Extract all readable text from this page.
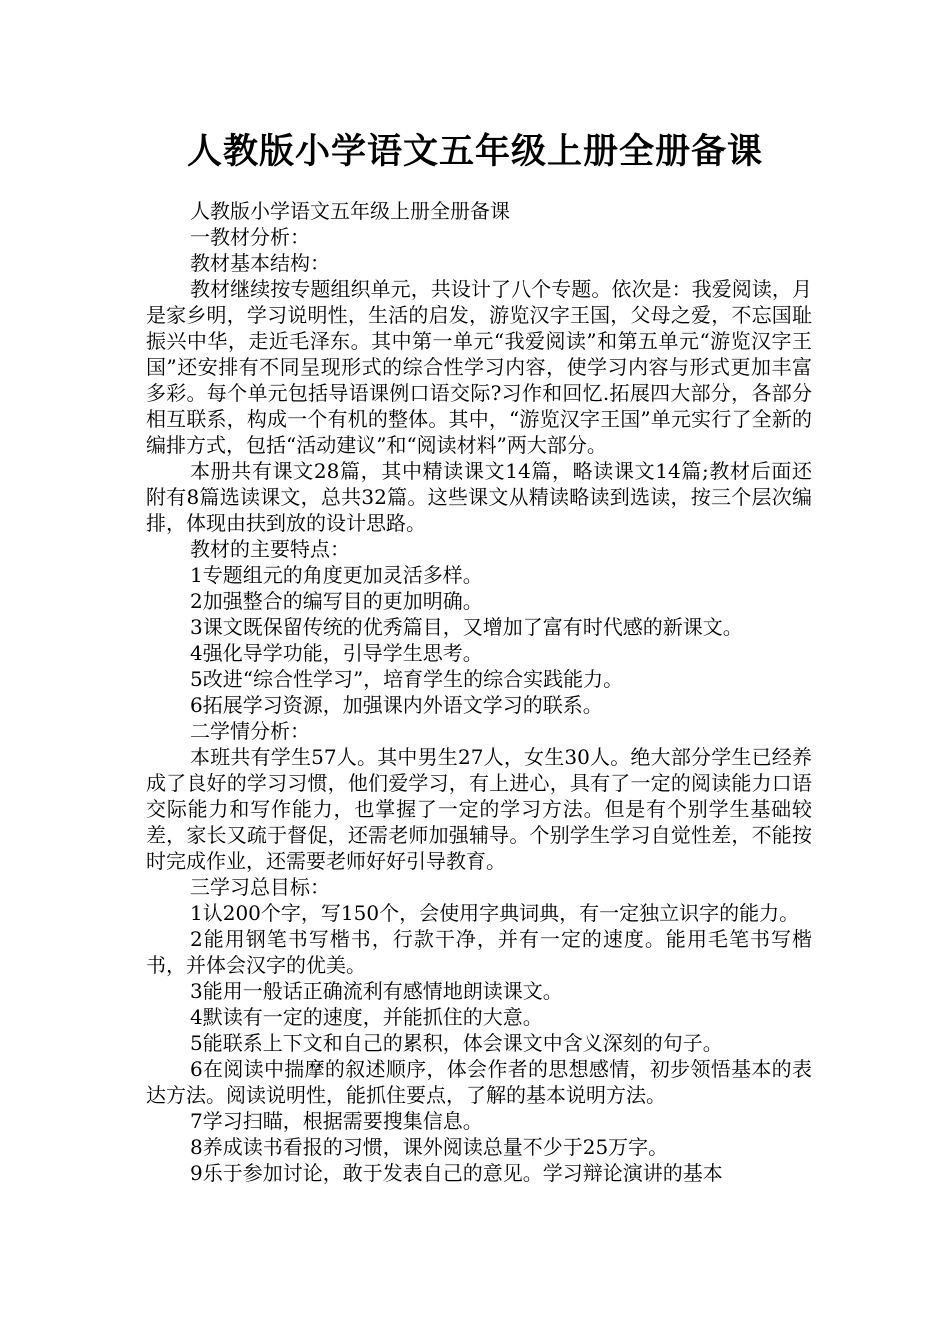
人教版小学语文五年级上册全册备课

人教版小学语文五年级上册全册备课

一教材分析：

教材基本结构：

教材继续按专题组织单元，共设计了八个专题。依次是：我爱阅读，月是家乡明，学习说明性，生活的启发，游览汉字王国，父母之爱，不忘国耻振兴中华，走近毛泽东。其中第一单元“我爱阅读”和第五单元“游览汉字王国”还安排有不同呈现形式的综合性学习内容，使学习内容与形式更加丰富多彩。每个单元包括导语课例口语交际?习作和回忆.拓展四大部分，各部分相互联系，构成一个有机的整体。其中，“游览汉字王国”单元实行了全新的编排方式，包括“活动建议”和“阅读材料”两大部分。

本册共有课文28篇，其中精读课文14篇，略读课文14篇;教材后面还附有8篇选读课文，总共32篇。这些课文从精读略读到选读，按三个层次编排，体现由扶到放的设计思路。

教材的主要特点：

1专题组元的角度更加灵活多样。

2加强整合的编写目的更加明确。

3课文既保留传统的优秀篇目，又增加了富有时代感的新课文。

4强化导学功能，引导学生思考。

5改进“综合性学习”，培育学生的综合实践能力。

6拓展学习资源，加强课内外语文学习的联系。

二学情分析：

本班共有学生57人。其中男生27人，女生30人。绝大部分学生已经养成了良好的学习习惯，他们爱学习，有上进心，具有了一定的阅读能力口语交际能力和写作能力，也掌握了一定的学习方法。但是有个别学生基础较差，家长又疏于督促，还需老师加强辅导。个别学生学习自觉性差，不能按时完成作业，还需要老师好好引导教育。

三学习总目标：

1认200个字，写150个，会使用字典词典，有一定独立识字的能力。

2能用钢笔书写楷书，行款干净，并有一定的速度。能用毛笔书写楷书，并体会汉字的优美。

3能用一般话正确流利有感情地朗读课文。

4默读有一定的速度，并能抓住的大意。

5能联系上下文和自己的累积，体会课文中含义深刻的句子。

6在阅读中揣摩的叙述顺序，体会作者的思想感情，初步领悟基本的表达方法。阅读说明性，能抓住要点，了解的基本说明方法。

7学习扫瞄，根据需要搜集信息。

8养成读书看报的习惯，课外阅读总量不少于25万字。

9乐于参加讨论，敢于发表自己的意见。学习辩论演讲的基本
